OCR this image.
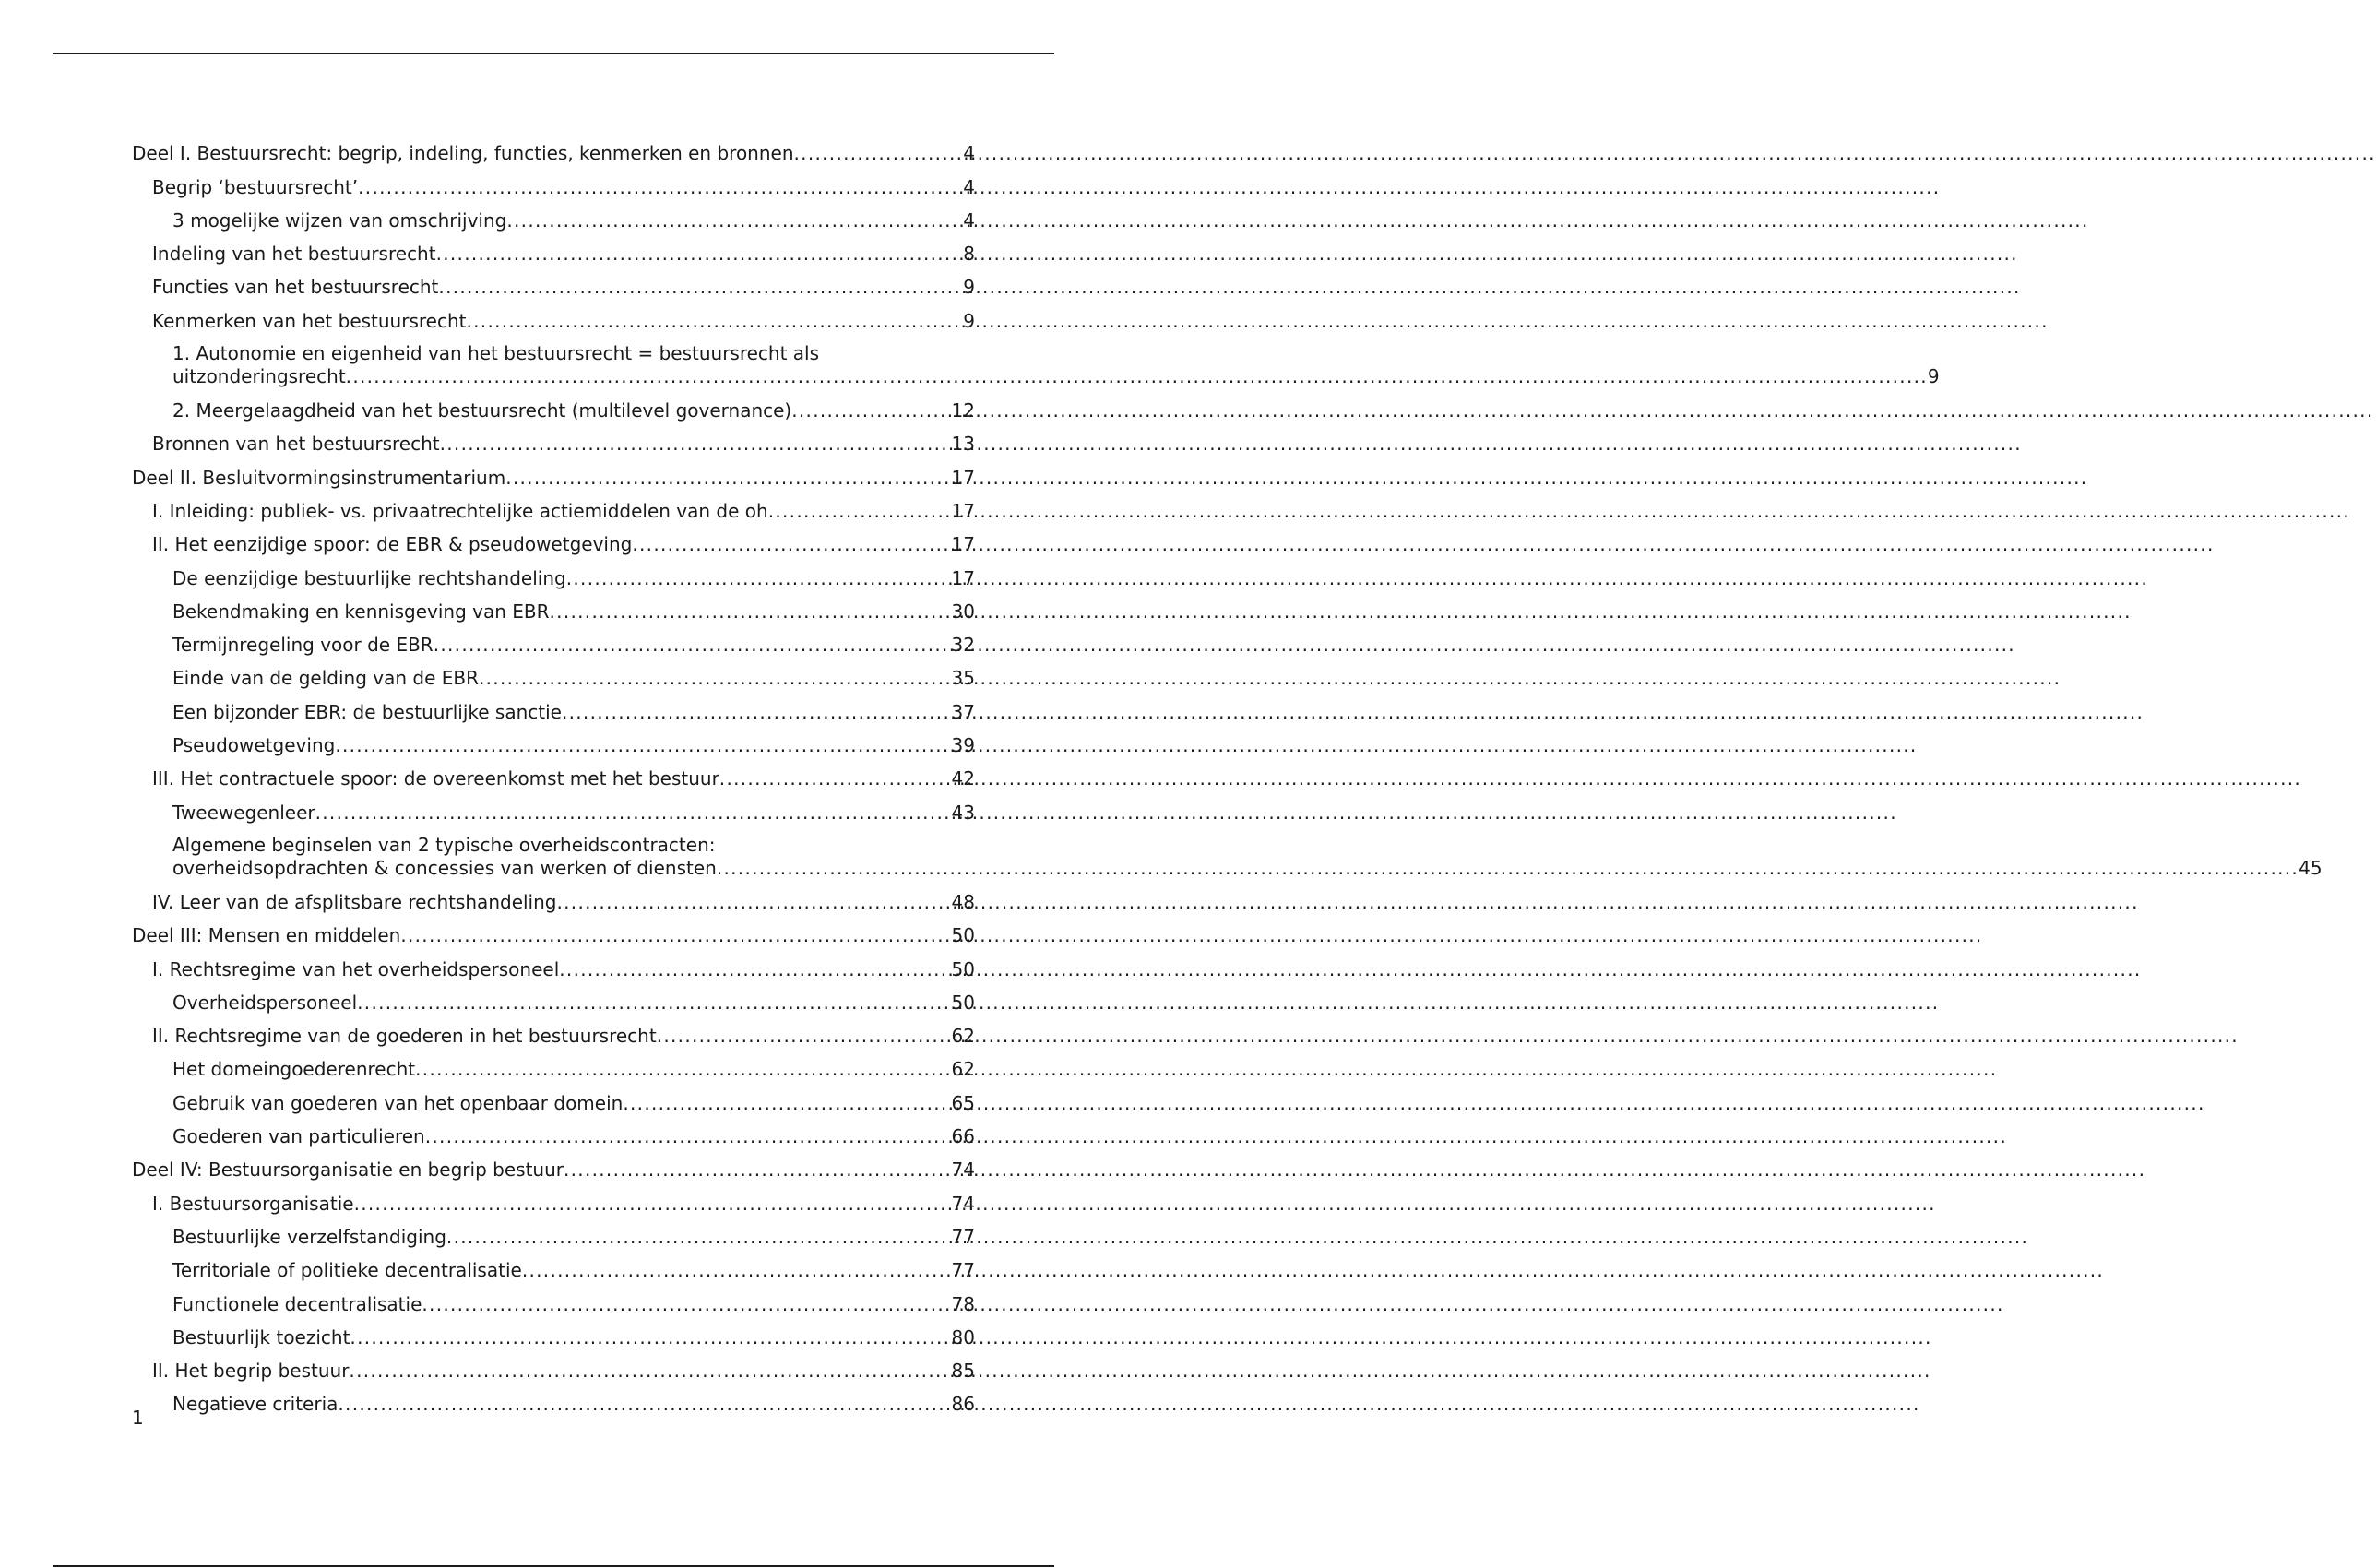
Deel I. Bestuursrecht: begrip, indeling, functies, kenmerken en bronnen .....	4
Begrip ‘bestuursrecht’ .....	4
3 mogelijke wijzen van omschrijving .....	4
Indeling van het bestuursrecht .....	8
Functies van het bestuursrecht .....	9
Kenmerken van het bestuursrecht .....	9
1. Autonomie en eigenheid van het bestuursrecht = bestuursrecht als
uitzonderingsrecht .....	9
2. Meergelaagdheid van het bestuursrecht (multilevel governance) .....	12
Bronnen van het bestuursrecht .....	13
Deel II. Besluitvormingsinstrumentarium .....	17
I. Inleiding: publiek- vs. privaatrechtelijke actiemiddelen van de oh .....	17
II. Het eenzijdige spoor: de EBR & pseudowetgeving .....	17
De eenzijdige bestuurlijke rechtshandeling .....	17
Bekendmaking en kennisgeving van EBR .....	30
Termijnregeling voor de EBR .....	32
Einde van de gelding van de EBR .....	35
Een bijzonder EBR: de bestuurlijke sanctie .....	37
Pseudowetgeving .....	39
III. Het contractuele spoor: de overeenkomst met het bestuur .....	42
Tweewegenleer .....	43
Algemene beginselen van 2 typische overheidscontracten:
overheidsopdrachten & concessies van werken of diensten .....	45
IV. Leer van de afsplitsbare rechtshandeling .....	48
Deel III: Mensen en middelen .....	50
I. Rechtsregime van het overheidspersoneel .....	50
Overheidspersoneel .....	50
II. Rechtsregime van de goederen in het bestuursrecht .....	62
Het domeingoederenrecht .....	62
Gebruik van goederen van het openbaar domein .....	65
Goederen van particulieren .....	66
Deel IV: Bestuursorganisatie en begrip bestuur .....	74
I. Bestuursorganisatie .....	74
Bestuurlijke verzelfstandiging .....	77
Territoriale of politieke decentralisatie .....	77
Functionele decentralisatie .....	78
Bestuurlijk toezicht .....	80
II. Het begrip bestuur .....	85
Negatieve criteria .....	86
1
